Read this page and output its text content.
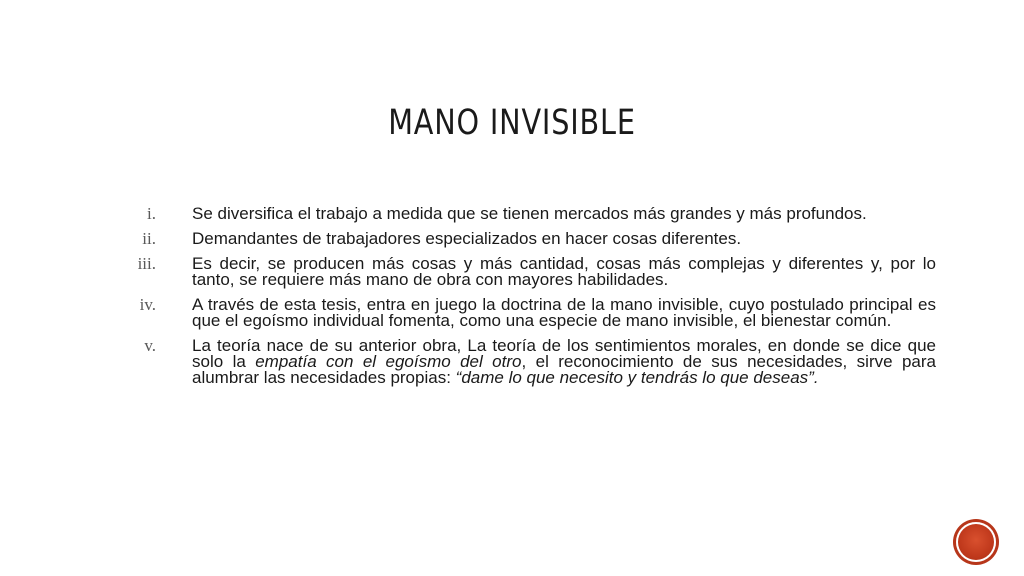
MANO INVISIBLE
i. Se diversifica el trabajo a medida que se tienen mercados más grandes y más profundos.
ii. Demandantes de trabajadores especializados en hacer cosas diferentes.
iii. Es decir, se producen más cosas y más cantidad, cosas más complejas y diferentes y, por lo tanto, se requiere más mano de obra con mayores habilidades.
iv. A través de esta tesis, entra en juego la doctrina de la mano invisible, cuyo postulado principal es que el egoísmo individual fomenta, como una especie de mano invisible, el bienestar común.
v. La teoría nace de su anterior obra, La teoría de los sentimientos morales, en donde se dice que solo la empatía con el egoísmo del otro, el reconocimiento de sus necesidades, sirve para alumbrar las necesidades propias: “dame lo que necesito y tendrás lo que deseas”.
